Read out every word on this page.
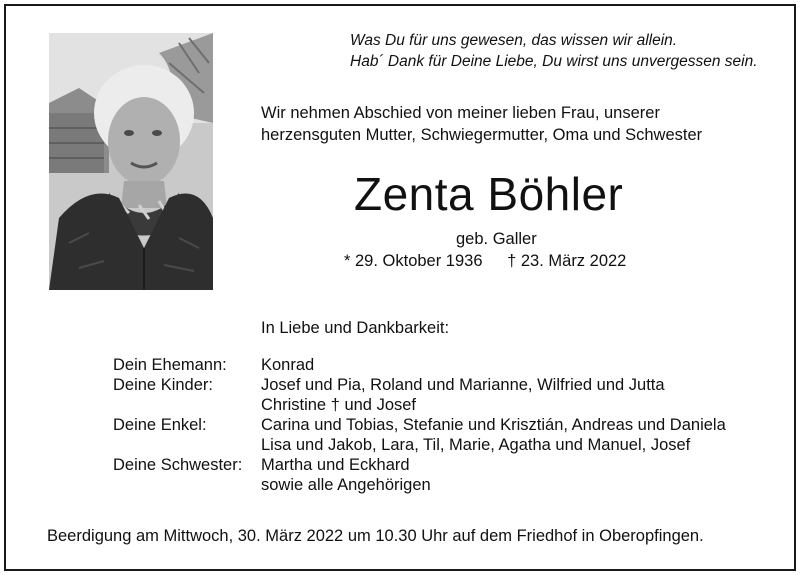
Was Du für uns gewesen, das wissen wir allein.
Hab´ Dank für Deine Liebe, Du wirst uns unvergessen sein.
Wir nehmen Abschied von meiner lieben Frau, unserer
herzensguten Mutter, Schwiegermutter, Oma und Schwester
Zenta Böhler
geb. Galler
* 29. Oktober 1936 † 23. März 2022
In Liebe und Dankbarkeit:
Dein Ehemann:	Konrad
Deine Kinder:	Josef und Pia, Roland und Marianne, Wilfried und Jutta
Christine † und Josef
Deine Enkel:	Carina und Tobias, Stefanie und Krisztián, Andreas und Daniela
Lisa und Jakob, Lara, Til, Marie, Agatha und Manuel, Josef
Deine Schwester:	Martha und Eckhard
sowie alle Angehörigen
Beerdigung am Mittwoch, 30. März 2022 um 10.30 Uhr auf dem Friedhof in Oberopfingen.
